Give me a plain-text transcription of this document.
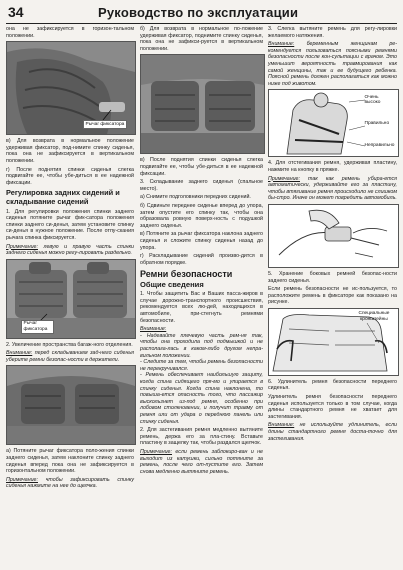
34	Руководство по эксплуатации

она не зафиксируется в горизон-тальном положении.

Рычаг фиксатора

в) Для возврата в нормальное положение удерживая фиксатор, под-нимите спинку сиденья, пока она не зафиксируется в вертикальном положении.

г) После поднятия спинки сиденья слегка подвигайте ее, чтобы убе-диться в ее надежной фиксации.

Регулировка задних сидений и складывание сидений

1. Для регулировки положения спинки заднего сиденья потяните рычаг фик-сатора положения спинки заднего си-денья, затем установите спинку си-денья в нужное положение. После отпу-скания рычага спинка фиксируется.

Примечание: левую и правую часть спинки заднего сиденья можно регу-лировать раздельно.

Рычаг фиксатора

2. Увеличение пространства багаж-ного отделения.

Внимание: перед складыванием зад-него сиденья уберите ремни безопас-ности в держатели.

а) Потяните рычаг фиксатора поло-жения спинки заднего сиденья, затем наклоните спинку заднего сиденья вперед пока она не зафиксируется в горизонтальном положении.

Примечание: чтобы зафиксировать спинку сиденья нажмите на нее до щелчка.

б) Для возврата в нормальное по-ложение удерживая фиксатор, поднимите спинку сиденья, пока она не зафикси-руется в вертикальном положении.

в) После поднятия спинки сиденья слегка подвигайте ее, чтобы убе-диться в ее надежной фиксации.

3. Складывание заднего сиденья (спальное место).

а) Снимите подголовники передних сидений.

б) Сдвиньте переднее сиденье вперед до упора, затем опустите его спинку так, чтобы она образовала ровную поверх-ность с подушкой заднего сиденья.

в) Потяните за рычаг фиксатора наклона заднего сиденья и сложите спинку сиденья назад до упора.

г) Раскладывание сидений произво-дится в обратном порядке.

Ремни безопасности
Общие сведения

1. Чтобы защитить Вас и Ваших пасса-жиров в случае дорожно-транспортного происшествия, рекомендуется всех лю-дей, находящихся в автомобиле, при-стегнуть ремнями безопасности.

Внимание:
- Надевайте плечевую часть рем-ня так, чтобы она проходила под подмышкой и не располага-лась в каком-либо другом непра-вильном положении.
- Следите за тем, чтобы ремень безопасности не перекручивался.
- Ремень обеспечивает наибольшую защиту, когда спина сидящего пря-мо и упирается в спинку сиденья. Когда спина наклонена, то повыша-ется опасность того, что пассажир выскользнет из-под ремня, особенно при лобовом столкновении, и получит травму от ремня или от удара о переднюю панель или спинку сиденья.

2. Для застегивания ремня медленно вытяните ремень, держа его за пла-стину. Вставьте пластину в защелку так, чтобы раздался щелчок.

Примечание: если ремень заблокиро-ван и не выходит из катушки, сильно потяните за ремень, после чего от-пустите его. Затем снова медленно вытяните ремень.

3. Слегка вытяните ремень для регу-лировки желаемого натяжения.

Внимание: беременным женщинам ре-комендуется пользоваться поясными ремнями безопасности после кон-сультации с врачом. Это уменьшит вероятность травмирования как самой женщины, так и ее будущего ребенка. Поясной ремень должен располагаться как можно ниже под животом.

Очень высоко
Правильно
Неправильно

4. Для отстегивания ремня, удерживая пластину, нажмите на кнопку в пряжке.

Примечание: так как ремень убира-ется автоматически, удерживайте его за пластину, чтобы втягивание ремня происходило не слишком бы-стро. Иначе он может повредить автомобиль.

5. Хранение боковых ремней безопас-ности заднего сиденья.

Если ремень безопасности не ис-пользуется, то расположите ремень в фиксаторе как показано на рисунке.

Специальные
кронштейны

6. Удлинитель ремня безопасности переднего сиденья.

Удлинитель ремня безопасности переднего сиденья используется только в том случае, когда длины стандартного ремня не хватает для застегивания.

Внимание: не используйте удлинитель, если длины стандартного ремня доста-точно для застегивания.
